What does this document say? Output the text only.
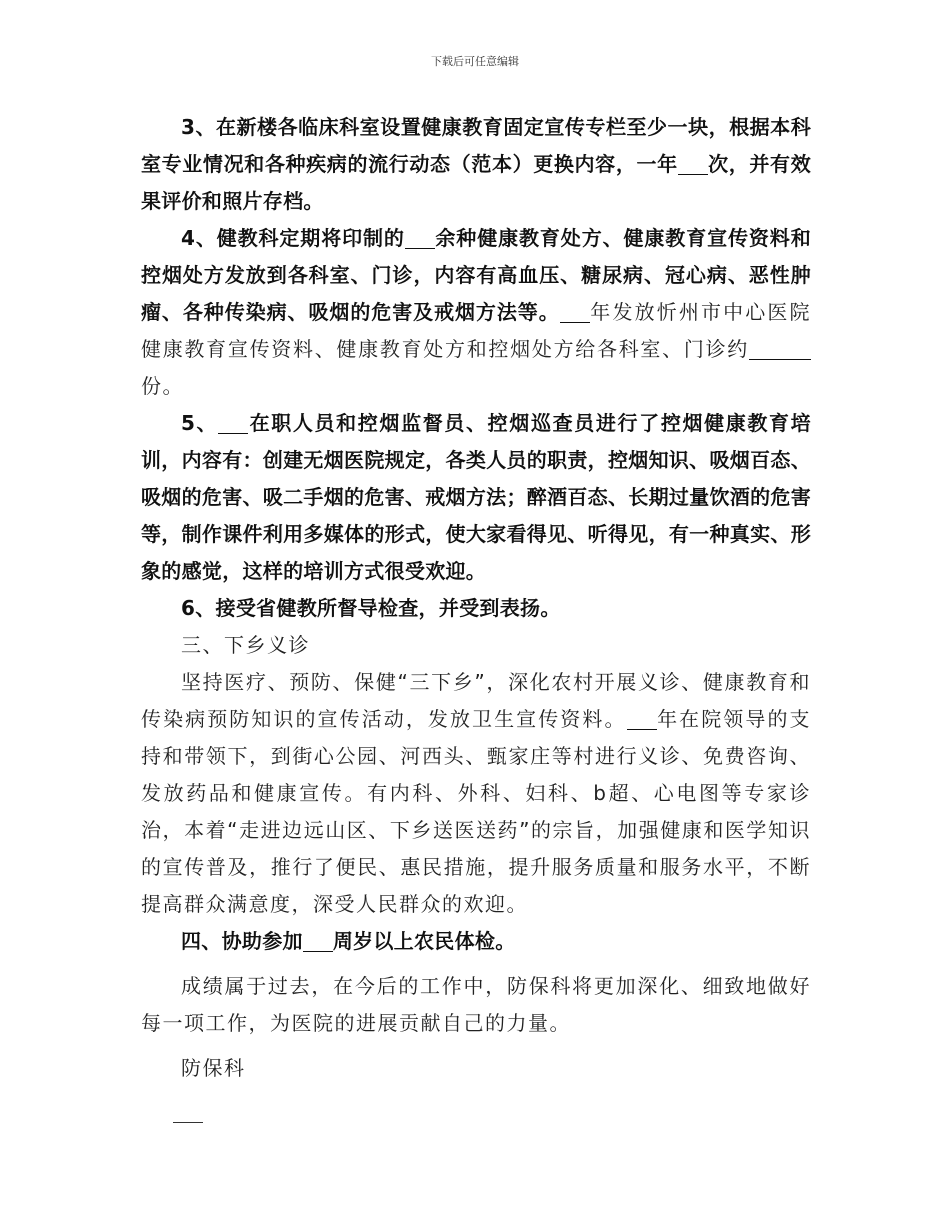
下载后可任意编辑

3、在新楼各临床科室设置健康教育固定宣传专栏至少一块，根据本科室专业情况和各种疾病的流行动态（范本）更换内容，一年 次，并有效果评价和照片存档。

4、健教科定期将印制的 余种健康教育处方、健康教育宣传资料和控烟处方发放到各科室、门诊，内容有高血压、糖尿病、冠心病、恶性肿瘤、各种传染病、吸烟的危害及戒烟方法等。 年发放忻州市中心医院健康教育宣传资料、健康教育处方和控烟处方给各科室、门诊约份。

5、 在职人员和控烟监督员、控烟巡查员进行了控烟健康教育培训，内容有：创建无烟医院规定，各类人员的职责，控烟知识、吸烟百态、吸烟的危害、吸二手烟的危害、戒烟方法；醉酒百态、长期过量饮酒的危害等，制作课件利用多媒体的形式，使大家看得见、听得见，有一种真实、形象的感觉，这样的培训方式很受欢迎。

6、接受省健教所督导检查，并受到表扬。

三、下乡义诊

坚持医疗、预防、保健“三下乡”，深化农村开展义诊、健康教育和传染病预防知识的宣传活动，发放卫生宣传资料。 年在院领导的支持和带领下，到街心公园、河西头、甄家庄等村进行义诊、免费咨询、发放药品和健康宣传。有内科、外科、妇科、b超、心电图等专家诊治，本着“走进边远山区、下乡送医送药”的宗旨，加强健康和医学知识的宣传普及，推行了便民、惠民措施，提升服务质量和服务水平，不断提高群众满意度，深受人民群众的欢迎。

四、协助参加 周岁以上农民体检。

成绩属于过去，在今后的工作中，防保科将更加深化、细致地做好每一项工作，为医院的进展贡献自己的力量。

防保科
